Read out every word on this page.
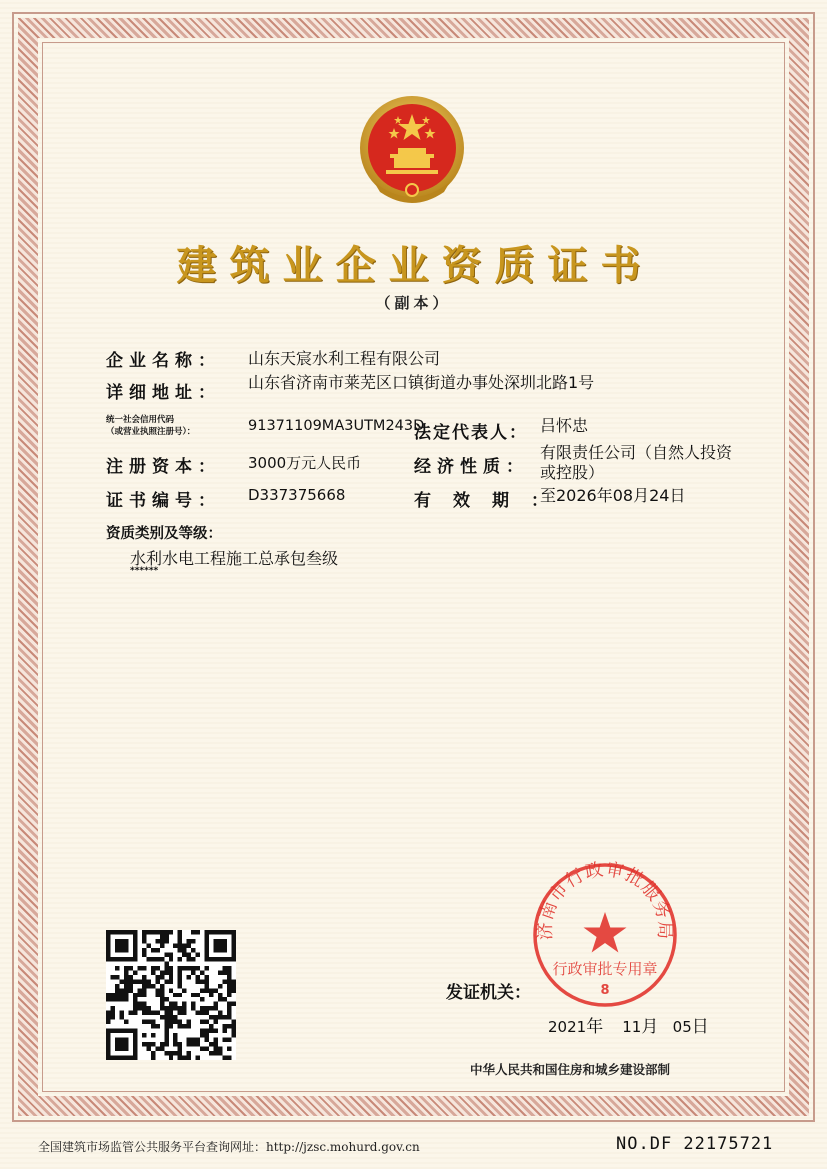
建筑业企业资质证书
（副本）
企业名称： 山东天宸水利工程有限公司
详细地址：
山东省济南市莱芜区口镇街道办事处深圳北路1号
统一社会信用代码
（或营业执照注册号）：	91371109MA3UTM243D
法定代表人： 吕怀忠
注册资本： 3000万元人民币	经济性质：
有限责任公司（自然人投资
或控股）
证书编号： D337375668	有效期：
至2026年08月24日
资质类别及等级：
水利水电工程施工总承包叁级
******
发证机关：
济南市行政审批服务局
行政审批专用章
8
2021年 11月 05日
中华人民共和国住房和城乡建设部制
全国建筑市场监管公共服务平台查询网址：http://jzsc.mohurd.gov.cn	NO.DF 22175721
